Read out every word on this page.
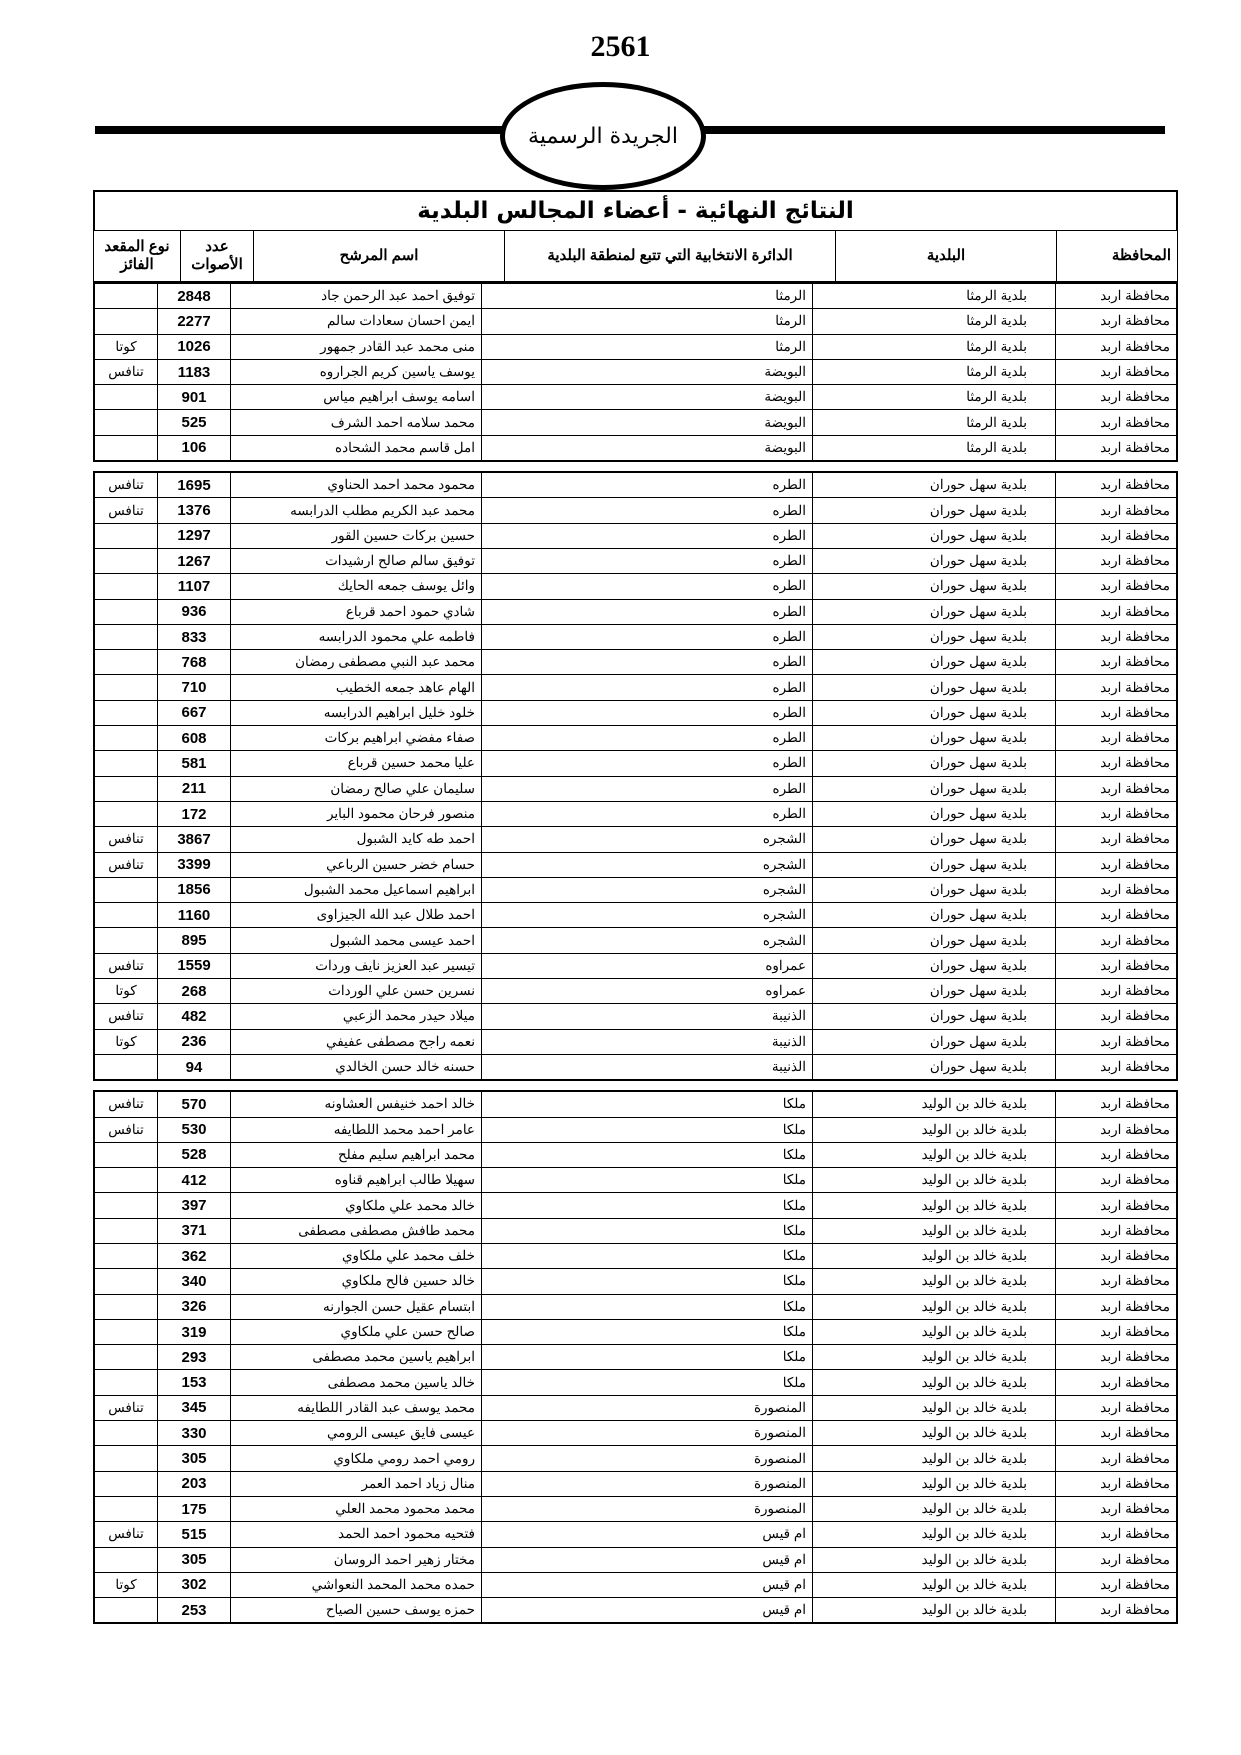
2561
الجريدة الرسمية
النتائج النهائية - أعضاء المجالس البلدية
المحافظة	البلدية	الدائرة الانتخابية التي تتبع لمنطقة البلدية	اسم المرشح	عدد الأصوات	نوع المقعد الفائز
محافظة اربد	بلدية الرمثا	الرمثا	توفيق احمد عبد الرحمن جاد	2848	
محافظة اربد	بلدية الرمثا	الرمثا	ايمن احسان سعادات سالم	2277	
محافظة اربد	بلدية الرمثا	الرمثا	منى محمد عبد القادر جمهور	1026	كوتا
محافظة اربد	بلدية الرمثا	البويضة	يوسف ياسين كريم الجراروه	1183	تنافس
محافظة اربد	بلدية الرمثا	البويضة	اسامه يوسف ابراهيم مياس	901	
محافظة اربد	بلدية الرمثا	البويضة	محمد سلامه احمد الشرف	525	
محافظة اربد	بلدية الرمثا	البويضة	امل قاسم محمد الشحاده	106	
محافظة اربد	بلدية سهل حوران	الطره	محمود محمد احمد الحناوي	1695	تنافس
محافظة اربد	بلدية سهل حوران	الطره	محمد عبد الكريم مطلب الدرابسه	1376	تنافس
محافظة اربد	بلدية سهل حوران	الطره	حسين بركات حسين القور	1297	
محافظة اربد	بلدية سهل حوران	الطره	توفيق سالم صالح ارشيدات	1267	
محافظة اربد	بلدية سهل حوران	الطره	وائل يوسف جمعه الحايك	1107	
محافظة اربد	بلدية سهل حوران	الطره	شادي حمود احمد قرباع	936	
محافظة اربد	بلدية سهل حوران	الطره	فاطمه علي محمود الدرابسه	833	
محافظة اربد	بلدية سهل حوران	الطره	محمد عبد النبي مصطفى رمضان	768	
محافظة اربد	بلدية سهل حوران	الطره	الهام عاهد جمعه الخطيب	710	
محافظة اربد	بلدية سهل حوران	الطره	خلود خليل ابراهيم الدرابسه	667	
محافظة اربد	بلدية سهل حوران	الطره	صفاء مفضي ابراهيم بركات	608	
محافظة اربد	بلدية سهل حوران	الطره	عليا محمد حسين قرباع	581	
محافظة اربد	بلدية سهل حوران	الطره	سليمان علي صالح رمضان	211	
محافظة اربد	بلدية سهل حوران	الطره	منصور فرحان محمود الباير	172	
محافظة اربد	بلدية سهل حوران	الشجره	احمد طه كايد الشبول	3867	تنافس
محافظة اربد	بلدية سهل حوران	الشجره	حسام خضر حسين الرباعي	3399	تنافس
محافظة اربد	بلدية سهل حوران	الشجره	ابراهيم اسماعيل محمد الشبول	1856	
محافظة اربد	بلدية سهل حوران	الشجره	احمد طلال عبد الله الجيزاوى	1160	
محافظة اربد	بلدية سهل حوران	الشجره	احمد عيسى محمد الشبول	895	
محافظة اربد	بلدية سهل حوران	عمراوه	تيسير عبد العزيز نايف وردات	1559	تنافس
محافظة اربد	بلدية سهل حوران	عمراوه	نسرين حسن علي الوردات	268	كوتا
محافظة اربد	بلدية سهل حوران	الذنيبة	ميلاد حيدر محمد الزعبي	482	تنافس
محافظة اربد	بلدية سهل حوران	الذنيبة	نعمه راجح مصطفى عفيفي	236	كوتا
محافظة اربد	بلدية سهل حوران	الذنيبة	حسنه خالد حسن الخالدي	94	
محافظة اربد	بلدية خالد بن الوليد	ملكا	خالد احمد خنيفس العشاونه	570	تنافس
محافظة اربد	بلدية خالد بن الوليد	ملكا	عامر احمد محمد اللطايفه	530	تنافس
محافظة اربد	بلدية خالد بن الوليد	ملكا	محمد ابراهيم سليم مفلح	528	
محافظة اربد	بلدية خالد بن الوليد	ملكا	سهيلا طالب ابراهيم قناوه	412	
محافظة اربد	بلدية خالد بن الوليد	ملكا	خالد محمد علي ملكاوي	397	
محافظة اربد	بلدية خالد بن الوليد	ملكا	محمد طافش مصطفى مصطفى	371	
محافظة اربد	بلدية خالد بن الوليد	ملكا	خلف محمد علي ملكاوي	362	
محافظة اربد	بلدية خالد بن الوليد	ملكا	خالد حسين فالح ملكاوي	340	
محافظة اربد	بلدية خالد بن الوليد	ملكا	ابتسام عقيل حسن الجوارنه	326	
محافظة اربد	بلدية خالد بن الوليد	ملكا	صالح حسن علي ملكاوي	319	
محافظة اربد	بلدية خالد بن الوليد	ملكا	ابراهيم ياسين محمد مصطفى	293	
محافظة اربد	بلدية خالد بن الوليد	ملكا	خالد ياسين محمد مصطفى	153	
محافظة اربد	بلدية خالد بن الوليد	المنصورة	محمد يوسف عبد القادر اللطايفه	345	تنافس
محافظة اربد	بلدية خالد بن الوليد	المنصورة	عيسى فايق عيسى الرومي	330	
محافظة اربد	بلدية خالد بن الوليد	المنصورة	رومي احمد رومي ملكاوي	305	
محافظة اربد	بلدية خالد بن الوليد	المنصورة	منال زياد احمد العمر	203	
محافظة اربد	بلدية خالد بن الوليد	المنصورة	محمد محمود محمد العلي	175	
محافظة اربد	بلدية خالد بن الوليد	ام قيس	فتحيه محمود احمد الحمد	515	تنافس
محافظة اربد	بلدية خالد بن الوليد	ام قيس	مختار زهير احمد الروسان	305	
محافظة اربد	بلدية خالد بن الوليد	ام قيس	حمده محمد المحمد النعواشي	302	كوتا
محافظة اربد	بلدية خالد بن الوليد	ام قيس	حمزه يوسف حسين الصياح	253	
